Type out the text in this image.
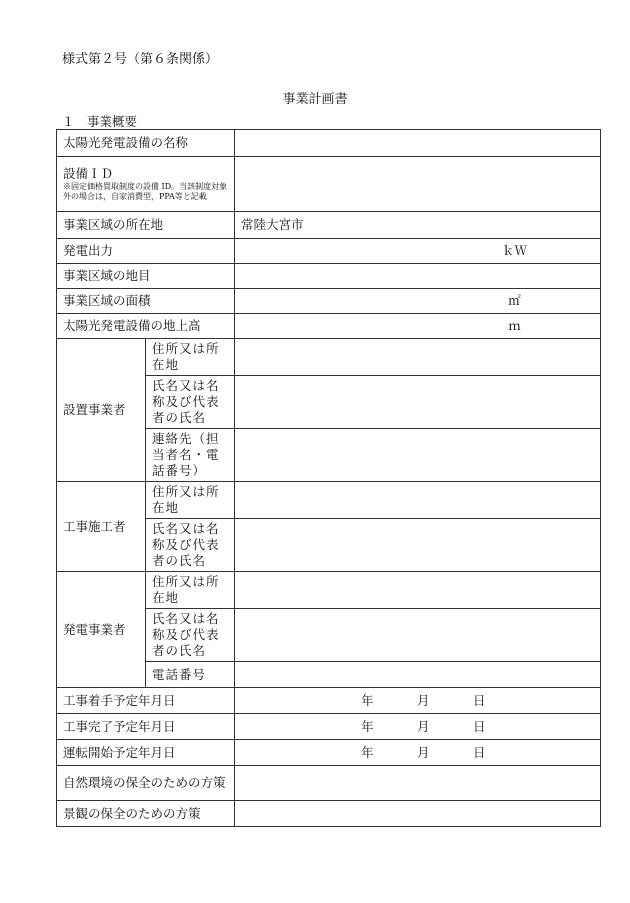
様式第２号（第６条関係）
事業計画書
１　事業概要
太陽光発電設備の名称		
設備ＩＤ
※固定価格買取制度の設備 ID。当該制度対象外の場合は，自家消費型，PPA等と記載		

事業区域の所在地		常陸大宮市
発電出力		ｋＷ
事業区域の地目		
事業区域の面積		㎡
太陽光発電設備の地上高		ｍ
設置事業者	住所又は所在地	
	氏名又は名称及び代表者の氏名	
	連絡先（担当者名・電話番号）	
工事施工者	住所又は所在地	
	氏名又は名称及び代表者の氏名	
発電事業者	住所又は所在地	
	氏名又は名称及び代表者の氏名	
	電話番号	
工事着手予定年月日		年 月 日
工事完了予定年月日		年 月 日
運転開始予定年月日		年 月 日
自然環境の保全のための方策		
景観の保全のための方策		
